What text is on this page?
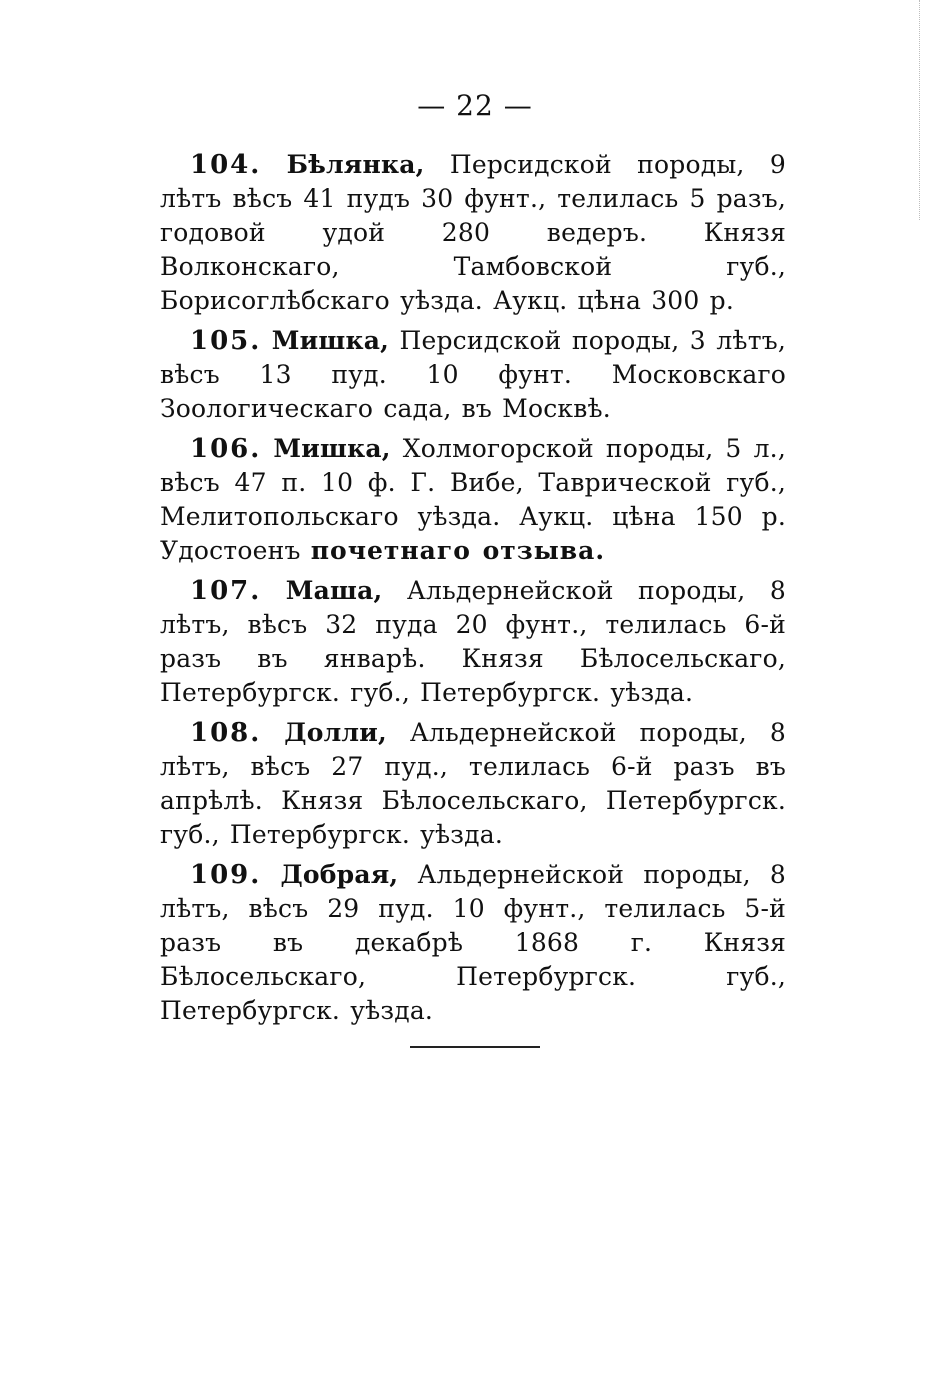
— 22 —

104. Бѣлянка, Персидской породы, 9 лѣтъ вѣсъ 41 пудъ 30 фунт., телилась 5 разъ, годовой удой 280 ведеръ. Князя Волконскаго, Тамбовской губ., Борисоглѣбскаго уѣзда. Аукц. цѣна 300 р.

105. Мишка, Персидской породы, 3 лѣтъ, вѣсъ 13 пуд. 10 фунт. Московскаго Зоологическаго сада, въ Москвѣ.

106. Мишка, Холмогорской породы, 5 л., вѣсъ 47 п. 10 ф. Г. Вибе, Таврической губ., Мелитопольскаго уѣзда. Аукц. цѣна 150 р. Удостоенъ почетнаго отзыва.

107. Маша, Альдернейской породы, 8 лѣтъ, вѣсъ 32 пуда 20 фунт., телилась 6-й разъ въ январѣ. Князя Бѣлосельскаго, Петербургск. губ., Петербургск. уѣзда.

108. Долли, Альдернейской породы, 8 лѣтъ, вѣсъ 27 пуд., телилась 6-й разъ въ апрѣлѣ. Князя Бѣлосельскаго, Петербургск. губ., Петербургск. уѣзда.

109. Добрая, Альдернейской породы, 8 лѣтъ, вѣсъ 29 пуд. 10 фунт., телилась 5-й разъ въ декабрѣ 1868 г. Князя Бѣлосельскаго, Петербургск. губ., Петербургск. уѣзда.
